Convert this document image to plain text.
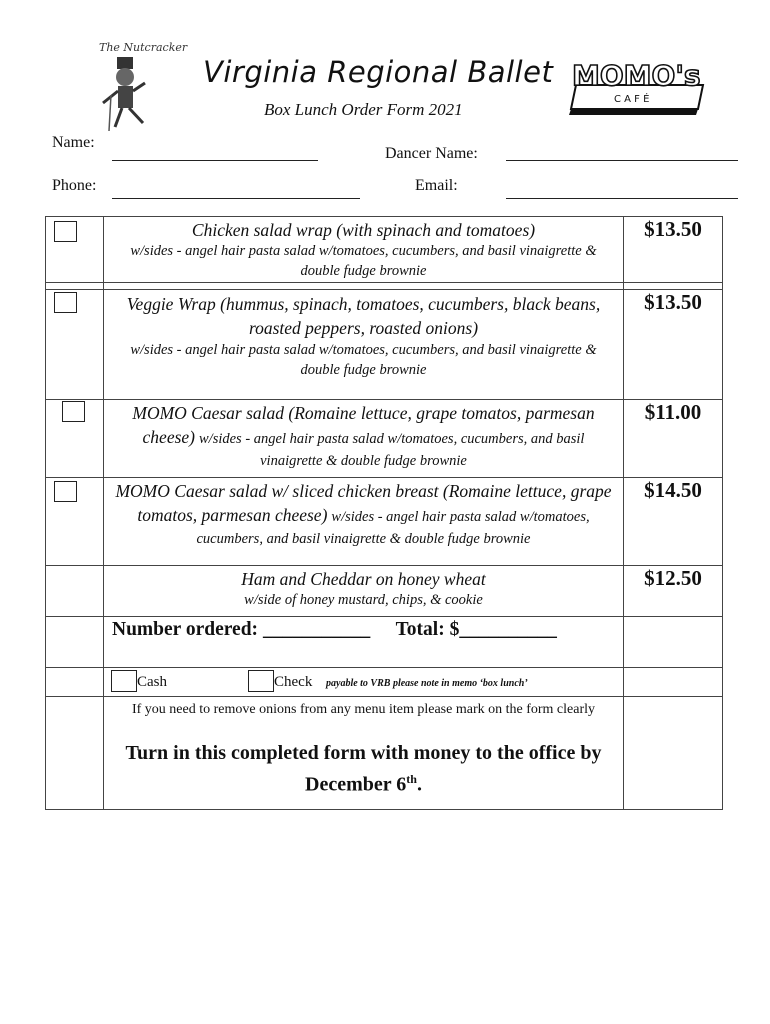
The Nutcracker
Virginia Regional Ballet MOMO's
C A F É
Box Lunch Order Form 2021
Name:
Dancer Name:
Phone:	Email:

	Chicken salad wrap (with spinach and tomatoes)
w/sides - angel hair pasta salad w/tomatoes, cucumbers, and basil vinaigrette & double fudge brownie	$13.50

	Veggie Wrap (hummus, spinach, tomatoes, cucumbers, black beans, roasted peppers, roasted onions)
w/sides - angel hair pasta salad w/tomatoes, cucumbers, and basil vinaigrette & double fudge brownie	$13.50

	MOMO Caesar salad (Romaine lettuce, grape tomatos, parmesan cheese) w/sides - angel hair pasta salad w/tomatoes, cucumbers, and basil vinaigrette & double fudge brownie	$11.00

	MOMO Caesar salad w/ sliced chicken breast (Romaine lettuce, grape tomatos, parmesan cheese) w/sides - angel hair pasta salad w/tomatoes, cucumbers, and basil vinaigrette & double fudge brownie	$14.50

	Ham and Cheddar on honey wheat
w/side of honey mustard, chips, & cookie	$12.50
	Number ordered: ___________ Total: $__________	

	Cash Check payable to VRB please note in memo ‘box lunch’	

	If you need to remove onions from any menu item please mark on the form clearly
Turn in this completed form with money to the office by December 6th.	
